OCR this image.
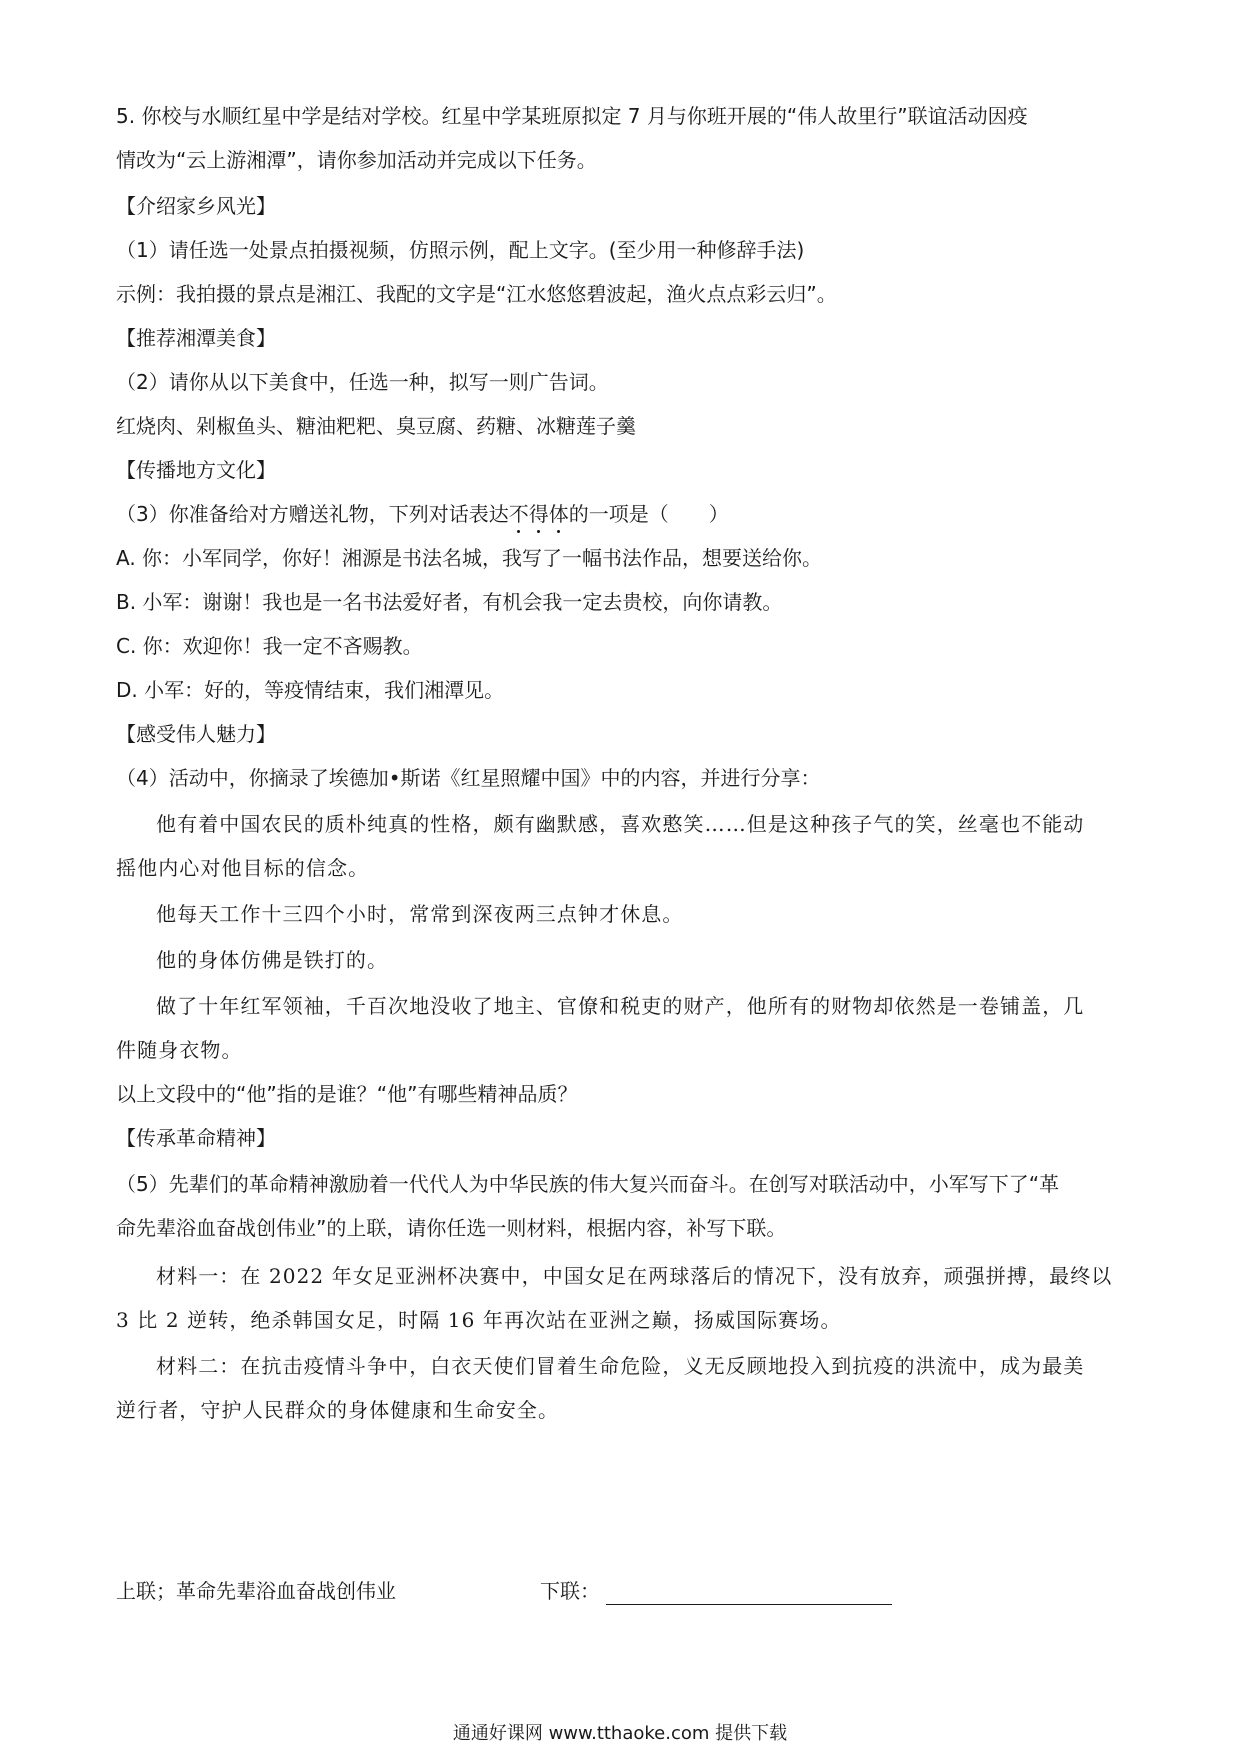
5. 你校与水顺红星中学是结对学校。红星中学某班原拟定 7 月与你班开展的“伟人故里行”联谊活动因疫
情改为“云上游湘潭”，请你参加活动并完成以下任务。
【介绍家乡风光】
（1）请任选一处景点拍摄视频，仿照示例，配上文字。(至少用一种修辞手法)
示例：我拍摄的景点是湘江、我配的文字是“江水悠悠碧波起，渔火点点彩云归”。
【推荐湘潭美食】
（2）请你从以下美食中，任选一种，拟写一则广告词。
红烧肉、剁椒鱼头、糖油粑粑、臭豆腐、药糖、冰糖莲子羹
【传播地方文化】
（3）你准备给对方赠送礼物，下列对话表达不得体的一项是（　　）
A. 你：小军同学，你好！湘源是书法名城，我写了一幅书法作品，想要送给你。
B. 小军：谢谢！我也是一名书法爱好者，有机会我一定去贵校，向你请教。
C. 你：欢迎你！我一定不吝赐教。
D. 小军：好的，等疫情结束，我们湘潭见。
【感受伟人魅力】
（4）活动中，你摘录了埃德加•斯诺《红星照耀中国》中的内容，并进行分享：
他有着中国农民的质朴纯真的性格，颇有幽默感，喜欢憨笑……但是这种孩子气的笑，丝毫也不能动
摇他内心对他目标的信念。
他每天工作十三四个小时，常常到深夜两三点钟才休息。
他的身体仿佛是铁打的。
做了十年红军领袖，千百次地没收了地主、官僚和税吏的财产，他所有的财物却依然是一卷铺盖，几
件随身衣物。
以上文段中的“他”指的是谁？“他”有哪些精神品质？
【传承革命精神】
（5）先辈们的革命精神激励着一代代人为中华民族的伟大复兴而奋斗。在创写对联活动中，小军写下了“革
命先辈浴血奋战创伟业”的上联，请你任选一则材料，根据内容，补写下联。
材料一：在 2022 年女足亚洲杯决赛中，中国女足在两球落后的情况下，没有放弃，顽强拼搏，最终以
3 比 2 逆转，绝杀韩国女足，时隔 16 年再次站在亚洲之巅，扬威国际赛场。
材料二：在抗击疫情斗争中，白衣天使们冒着生命危险，义无反顾地投入到抗疫的洪流中，成为最美
逆行者，守护人民群众的身体健康和生命安全。
上联；革命先辈浴血奋战创伟业	下联：
通通好课网 www.tthaoke.com 提供下载
